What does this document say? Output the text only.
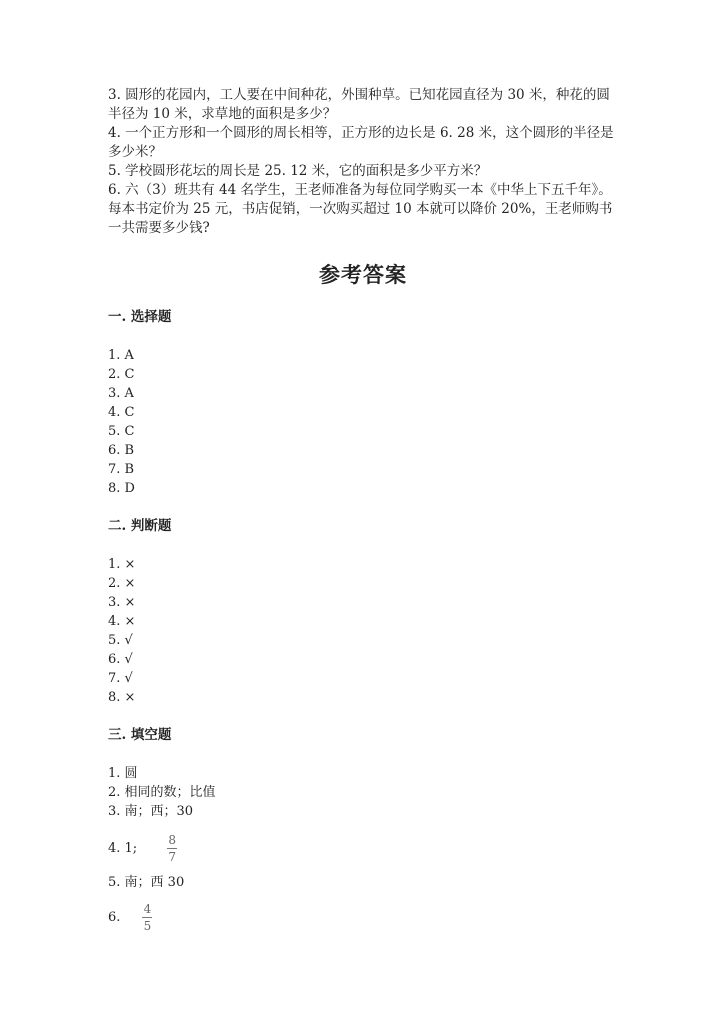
3. 圆形的花园内，工人要在中间种花，外围种草。已知花园直径为 30 米，种花的圆半径为 10 米，求草地的面积是多少？

4. 一个正方形和一个圆形的周长相等，正方形的边长是 6. 28 米，这个圆形的半径是多少米？

5. 学校圆形花坛的周长是 25. 12 米，它的面积是多少平方米？

6. 六（3）班共有 44 名学生，王老师准备为每位同学购买一本《中华上下五千年》。每本书定价为 25 元，书店促销，一次购买超过 10 本就可以降价 20%，王老师购书一共需要多少钱?

参考答案
一. 选择题
1. A
2. C
3. A
4. C
5. C
6. B
7. B
8. D
二. 判断题
1. ×
2. ×
3. ×
4. ×
5. √
6. √
7. √
8. ×
三. 填空题
1. 圆
2. 相同的数；比值
3. 南；西；30
4. 1;	$\frac{8}{7}$
5. 南；西 30
6. $\frac{4}{5}$
